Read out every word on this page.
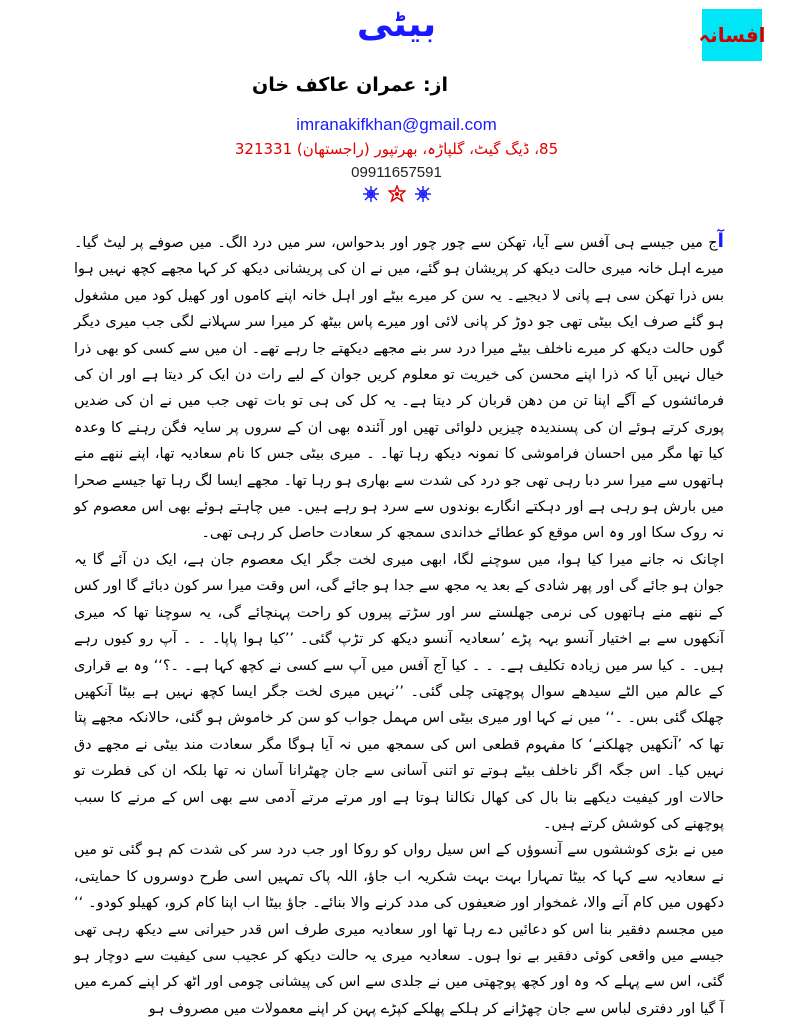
افسانہ
بیٹی
از: عمران عاکف خان
imranakifkhan@gmail.com
85، ڈیگ گیٹ، گلپاڑہ، بھرتپور (راجستھان) 321331
09911657591

آج میں جیسے ہی آفس سے آیا، تھکن سے چور چور اور بدحواس، سر میں درد الگ۔ میں صوفے پر لیٹ گیا۔ میرے اہل خانہ میری حالت دیکھ کر پریشان ہو گئے، میں نے ان کی پریشانی دیکھ کر کہا مجھے کچھ نہیں ہوا بس ذرا تھکن سی ہے پانی لا دیجیے۔ یہ سن کر میرے بیٹے اور اہل خانہ اپنے کاموں اور کھیل کود میں مشغول ہو گئے صرف ایک بیٹی تھی جو دوڑ کر پانی لائی اور میرے پاس بیٹھ کر میرا سر سہلانے لگی جب میری دیگر گوں حالت دیکھ کر میرے ناخلف بیٹے میرا درد سر بنے مجھے دیکھتے جا رہے تھے۔ ان میں سے کسی کو بھی ذرا خیال نہیں آیا کہ ذرا اپنے محسن کی خیریت تو معلوم کریں جوان کے لیے رات دن ایک کر دیتا ہے اور ان کی فرمائشوں کے آگے اپنا تن من دھن قربان کر دیتا ہے۔ یہ کل کی ہی تو بات تھی جب میں نے ان کی ضدیں پوری کرتے ہوئے ان کی پسندیدہ چیزیں دلوائی تھیں اور آئندہ بھی ان کے سروں پر سایہ فگن رہنے کا وعدہ کیا تھا مگر میں احسان فراموشی کا نمونہ دیکھ رہا تھا۔ ۔ میری بیٹی جس کا نام سعادیہ تھا، اپنے ننھے منے ہاتھوں سے میرا سر دبا رہی تھی جو درد کی شدت سے بھاری ہو رہا تھا۔ مجھے ایسا لگ رہا تھا جیسے صحرا میں بارش ہو رہی ہے اور دہکتے انگارے بوندوں سے سرد ہو رہے ہیں۔ میں چاہتے ہوئے بھی اس معصوم کو نہ روک سکا اور وہ اس موقع کو عطائے خداندی سمجھ کر سعادت حاصل کر رہی تھی۔

اچانک نہ جانے میرا کیا ہوا، میں سوچنے لگا، ابھی میری لخت جگر ایک معصوم جان ہے، ایک دن آئے گا یہ جوان ہو جائے گی اور پھر شادی کے بعد یہ مجھ سے جدا ہو جائے گی، اس وقت میرا سر کون دبائے گا اور کس کے ننھے منے ہاتھوں کی نرمی جھلستے سر اور سڑتے پیروں کو راحت پہنچائے گی، یہ سوچنا تھا کہ میری آنکھوں سے بے اختیار آنسو بہہ پڑے ’سعادیہ آنسو دیکھ کر تڑپ گئی۔ ’’کیا ہوا پاپا۔ ۔ ۔ آپ رو کیوں رہے ہیں۔ ۔ کیا سر میں زیادہ تکلیف ہے۔ ۔ ۔ کیا آج آفس میں آپ سے کسی نے کچھ کہا ہے۔ ۔؟‘‘ وہ بے قراری کے عالم میں الٹے سیدھے سوال پوچھتی چلی گئی۔ ’’نہیں میری لخت جگر ایسا کچھ نہیں ہے بیٹا آنکھیں چھلک گئی بس۔ ۔‘‘ میں نے کہا اور میری بیٹی اس مہمل جواب کو سن کر خاموش ہو گئی، حالانکہ مجھے پتا تھا کہ ’آنکھیں چھلکنے‘ کا مفہوم قطعی اس کی سمجھ میں نہ آیا ہوگا مگر سعادت مند بیٹی نے مجھے دق نہیں کیا۔ اس جگہ اگر ناخلف بیٹے ہوتے تو اتنی آسانی سے جان چھٹرانا آسان نہ تھا بلکہ ان کی فطرت تو حالات اور کیفیت دیکھے بنا بال کی کھال نکالنا ہوتا ہے اور مرتے مرتے آدمی سے بھی اس کے مرنے کا سبب پوچھنے کی کوشش کرتے ہیں۔

میں نے بڑی کوششوں سے آنسوؤں کے اس سیل رواں کو روکا اور جب درد سر کی شدت کم ہو گئی تو میں نے سعادیہ سے کہا کہ بیٹا تمہارا بہت بہت شکریہ اب جاؤ، اللہ پاک تمہیں اسی طرح دوسروں کا حمایتی، دکھوں میں کام آنے والا، غمخوار اور ضعیفوں کی مدد کرنے والا بنائے۔ جاؤ بیٹا اب اپنا کام کرو، کھیلو کودو۔ ‘‘ میں مجسم دفقیر بنا اس کو دعائیں دے رہا تھا اور سعادیہ میری طرف اس قدر حیرانی سے دیکھ رہی تھی جیسے میں واقعی کوئی دفقیر بے نوا ہوں۔ سعادیہ میری یہ حالت دیکھ کر عجیب سی کیفیت سے دوچار ہو گئی، اس سے پہلے کہ وہ اور کچھ پوچھتی میں نے جلدی سے اس کی پیشانی چومی اور اٹھ کر اپنے کمرے میں آ گیا اور دفتری لباس سے جان چھڑانے کر ہلکے پھلکے کپڑے پہن کر اپنے معمولات میں مصروف ہو
